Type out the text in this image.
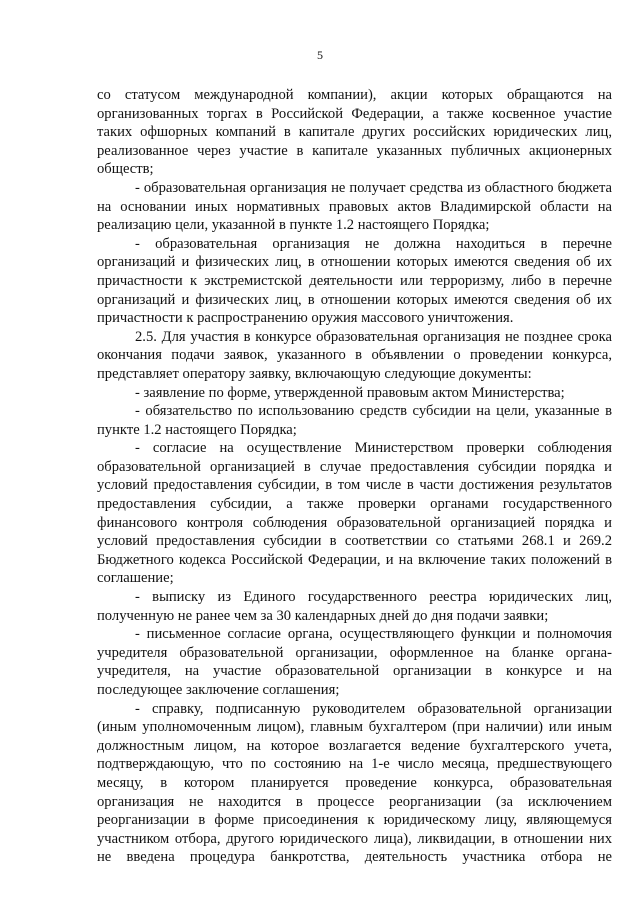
5

со статусом международной компании), акции которых обращаются на организованных торгах в Российской Федерации, а также косвенное участие таких офшорных компаний в капитале других российских юридических лиц, реализованное через участие в капитале указанных публичных акционерных обществ;

- образовательная организация не получает средства из областного бюджета на основании иных нормативных правовых актов Владимирской области на реализацию цели, указанной в пункте 1.2 настоящего Порядка;

- образовательная организация не должна находиться в перечне организаций и физических лиц, в отношении которых имеются сведения об их причастности к экстремистской деятельности или терроризму, либо в перечне организаций и физических лиц, в отношении которых имеются сведения об их причастности к распространению оружия массового уничтожения.

2.5. Для участия в конкурсе образовательная организация не позднее срока окончания подачи заявок, указанного в объявлении о проведении конкурса, представляет оператору заявку, включающую следующие документы:

- заявление по форме, утвержденной правовым актом Министерства;

- обязательство по использованию средств субсидии на цели, указанные в пункте 1.2 настоящего Порядка;

- согласие на осуществление Министерством проверки соблюдения образовательной организацией в случае предоставления субсидии порядка и условий предоставления субсидии, в том числе в части достижения результатов предоставления субсидии, а также проверки органами государственного финансового контроля соблюдения образовательной организацией порядка и условий предоставления субсидии в соответствии со статьями 268.1 и 269.2 Бюджетного кодекса Российской Федерации, и на включение таких положений в соглашение;

- выписку из Единого государственного реестра юридических лиц, полученную не ранее чем за 30 календарных дней до дня подачи заявки;

- письменное согласие органа, осуществляющего функции и полномочия учредителя образовательной организации, оформленное на бланке органа-учредителя, на участие образовательной организации в конкурсе и на последующее заключение соглашения;

- справку, подписанную руководителем образовательной организации (иным уполномоченным лицом), главным бухгалтером (при наличии) или иным должностным лицом, на которое возлагается ведение бухгалтерского учета, подтверждающую, что по состоянию на 1-е число месяца, предшествующего месяцу, в котором планируется проведение конкурса, образовательная организация не находится в процессе реорганизации (за исключением реорганизации в форме присоединения к юридическому лицу, являющемуся участником отбора, другого юридического лица), ликвидации, в отношении них не введена процедура банкротства, деятельность участника отбора не
